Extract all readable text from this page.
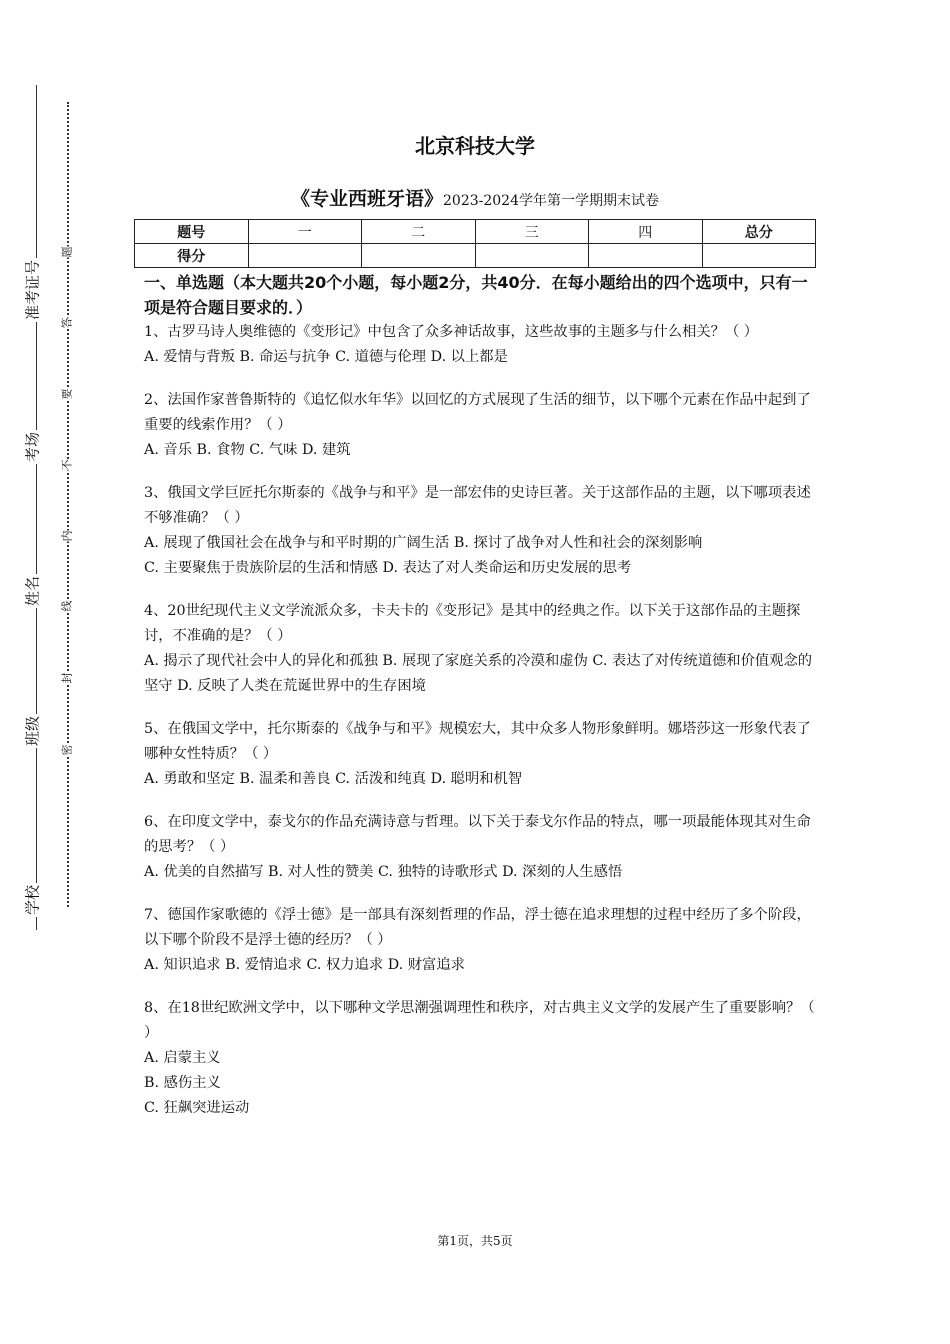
准考证号
考场
姓名
班级
学校
题
答
要
不
内
线
封
密
北京科技大学
《专业西班牙语》2023-2024学年第一学期期末试卷
题号	一	二	三	四	总分
得分					

一、单选题（本大题共20个小题，每小题2分，共40分．在每小题给出的四个选项中，只有一项是符合题目要求的．）

1、古罗马诗人奥维德的《变形记》中包含了众多神话故事，这些故事的主题多与什么相关？（ ）

A. 爱情与背叛 B. 命运与抗争 C. 道德与伦理 D. 以上都是

2、法国作家普鲁斯特的《追忆似水年华》以回忆的方式展现了生活的细节，以下哪个元素在作品中起到了重要的线索作用？（ ）

A. 音乐 B. 食物 C. 气味 D. 建筑

3、俄国文学巨匠托尔斯泰的《战争与和平》是一部宏伟的史诗巨著。关于这部作品的主题，以下哪项表述不够准确？（ ）

A. 展现了俄国社会在战争与和平时期的广阔生活 B. 探讨了战争对人性和社会的深刻影响

C. 主要聚焦于贵族阶层的生活和情感 D. 表达了对人类命运和历史发展的思考

4、20世纪现代主义文学流派众多，卡夫卡的《变形记》是其中的经典之作。以下关于这部作品的主题探讨，不准确的是？（ ）

A. 揭示了现代社会中人的异化和孤独 B. 展现了家庭关系的冷漠和虚伪 C. 表达了对传统道德和价值观念的坚守 D. 反映了人类在荒诞世界中的生存困境

5、在俄国文学中，托尔斯泰的《战争与和平》规模宏大，其中众多人物形象鲜明。娜塔莎这一形象代表了哪种女性特质？（ ）

A. 勇敢和坚定 B. 温柔和善良 C. 活泼和纯真 D. 聪明和机智

6、在印度文学中，泰戈尔的作品充满诗意与哲理。以下关于泰戈尔作品的特点，哪一项最能体现其对生命的思考？（ ）

A. 优美的自然描写 B. 对人性的赞美 C. 独特的诗歌形式 D. 深刻的人生感悟

7、德国作家歌德的《浮士德》是一部具有深刻哲理的作品，浮士德在追求理想的过程中经历了多个阶段，以下哪个阶段不是浮士德的经历？（ ）

A. 知识追求 B. 爱情追求 C. 权力追求 D. 财富追求

8、在18世纪欧洲文学中，以下哪种文学思潮强调理性和秩序，对古典主义文学的发展产生了重要影响？（ ）

A. 启蒙主义

B. 感伤主义

C. 狂飙突进运动

第1页，共5页
